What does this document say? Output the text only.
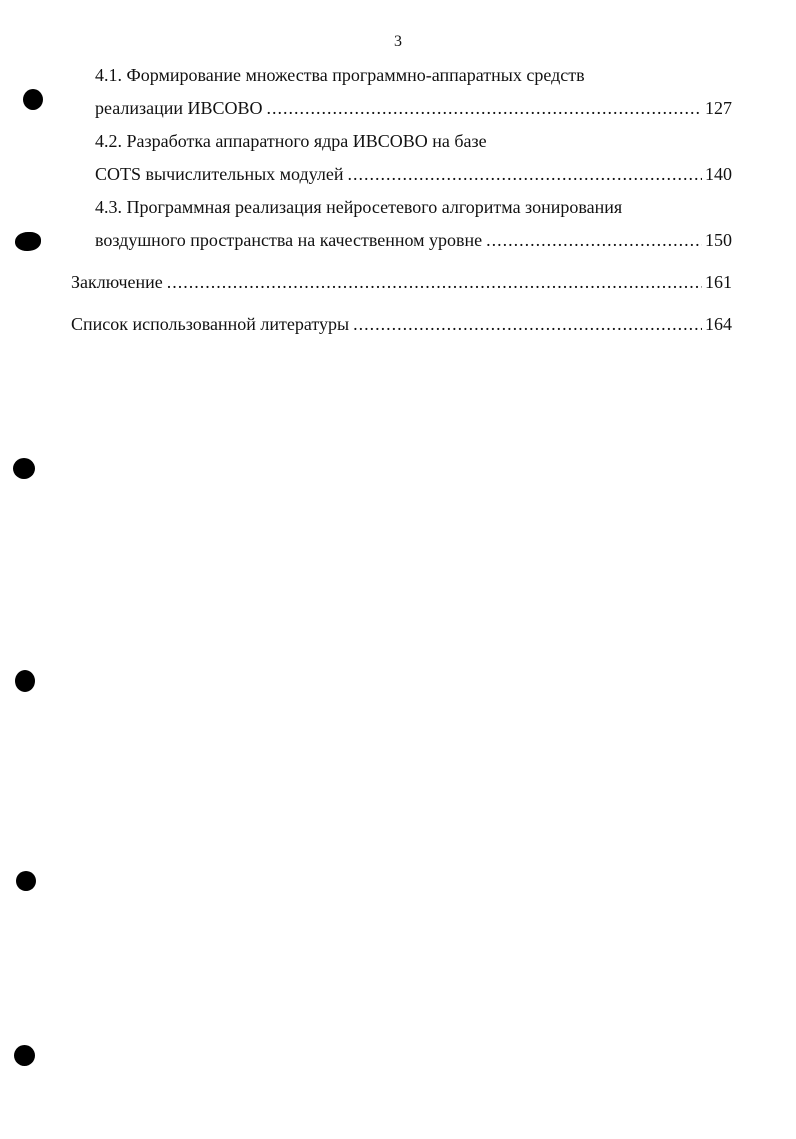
3
4.1. Формирование множества программно-аппаратных средств
реализации ИВСОВО .....	127
4.2. Разработка аппаратного ядра ИВСОВО на базе
COTS вычислительных модулей .....	140
4.3. Программная реализация нейросетевого алгоритма зонирования
воздушного пространства на качественном уровне .....	150
Заключение .....	161
Список использованной литературы .....	164
